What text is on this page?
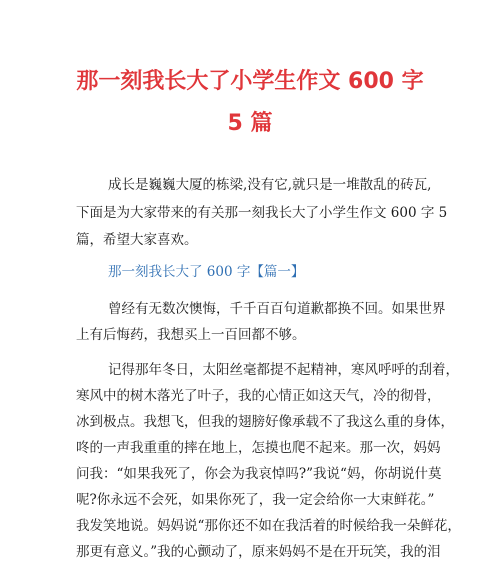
那一刻我长大了小学生作文 600 字
5 篇
成长是巍巍大厦的栋梁,没有它,就只是一堆散乱的砖瓦,
下面是为大家带来的有关那一刻我长大了小学生作文 600 字 5
篇，希望大家喜欢。
那一刻我长大了 600 字【篇一】
曾经有无数次懊悔，千千百百句道歉都换不回。如果世界
上有后悔药，我想买上一百回都不够。
记得那年冬日，太阳丝毫都提不起精神，寒风呼呼的刮着，
寒风中的树木落光了叶子，我的心情正如这天气，冷的彻骨，
冰到极点。我想飞，但我的翅膀好像承载不了我这么重的身体，
咚的一声我重重的摔在地上，怎摸也爬不起来。那一次，妈妈
问我：“如果我死了，你会为我哀悼吗?”我说“妈，你胡说什莫
呢?你永远不会死，如果你死了，我一定会给你一大束鲜花。”
我发笑地说。妈妈说“那你还不如在我活着的时候给我一朵鲜花，
那更有意义。”我的心颤动了，原来妈妈不是在开玩笑，我的泪
